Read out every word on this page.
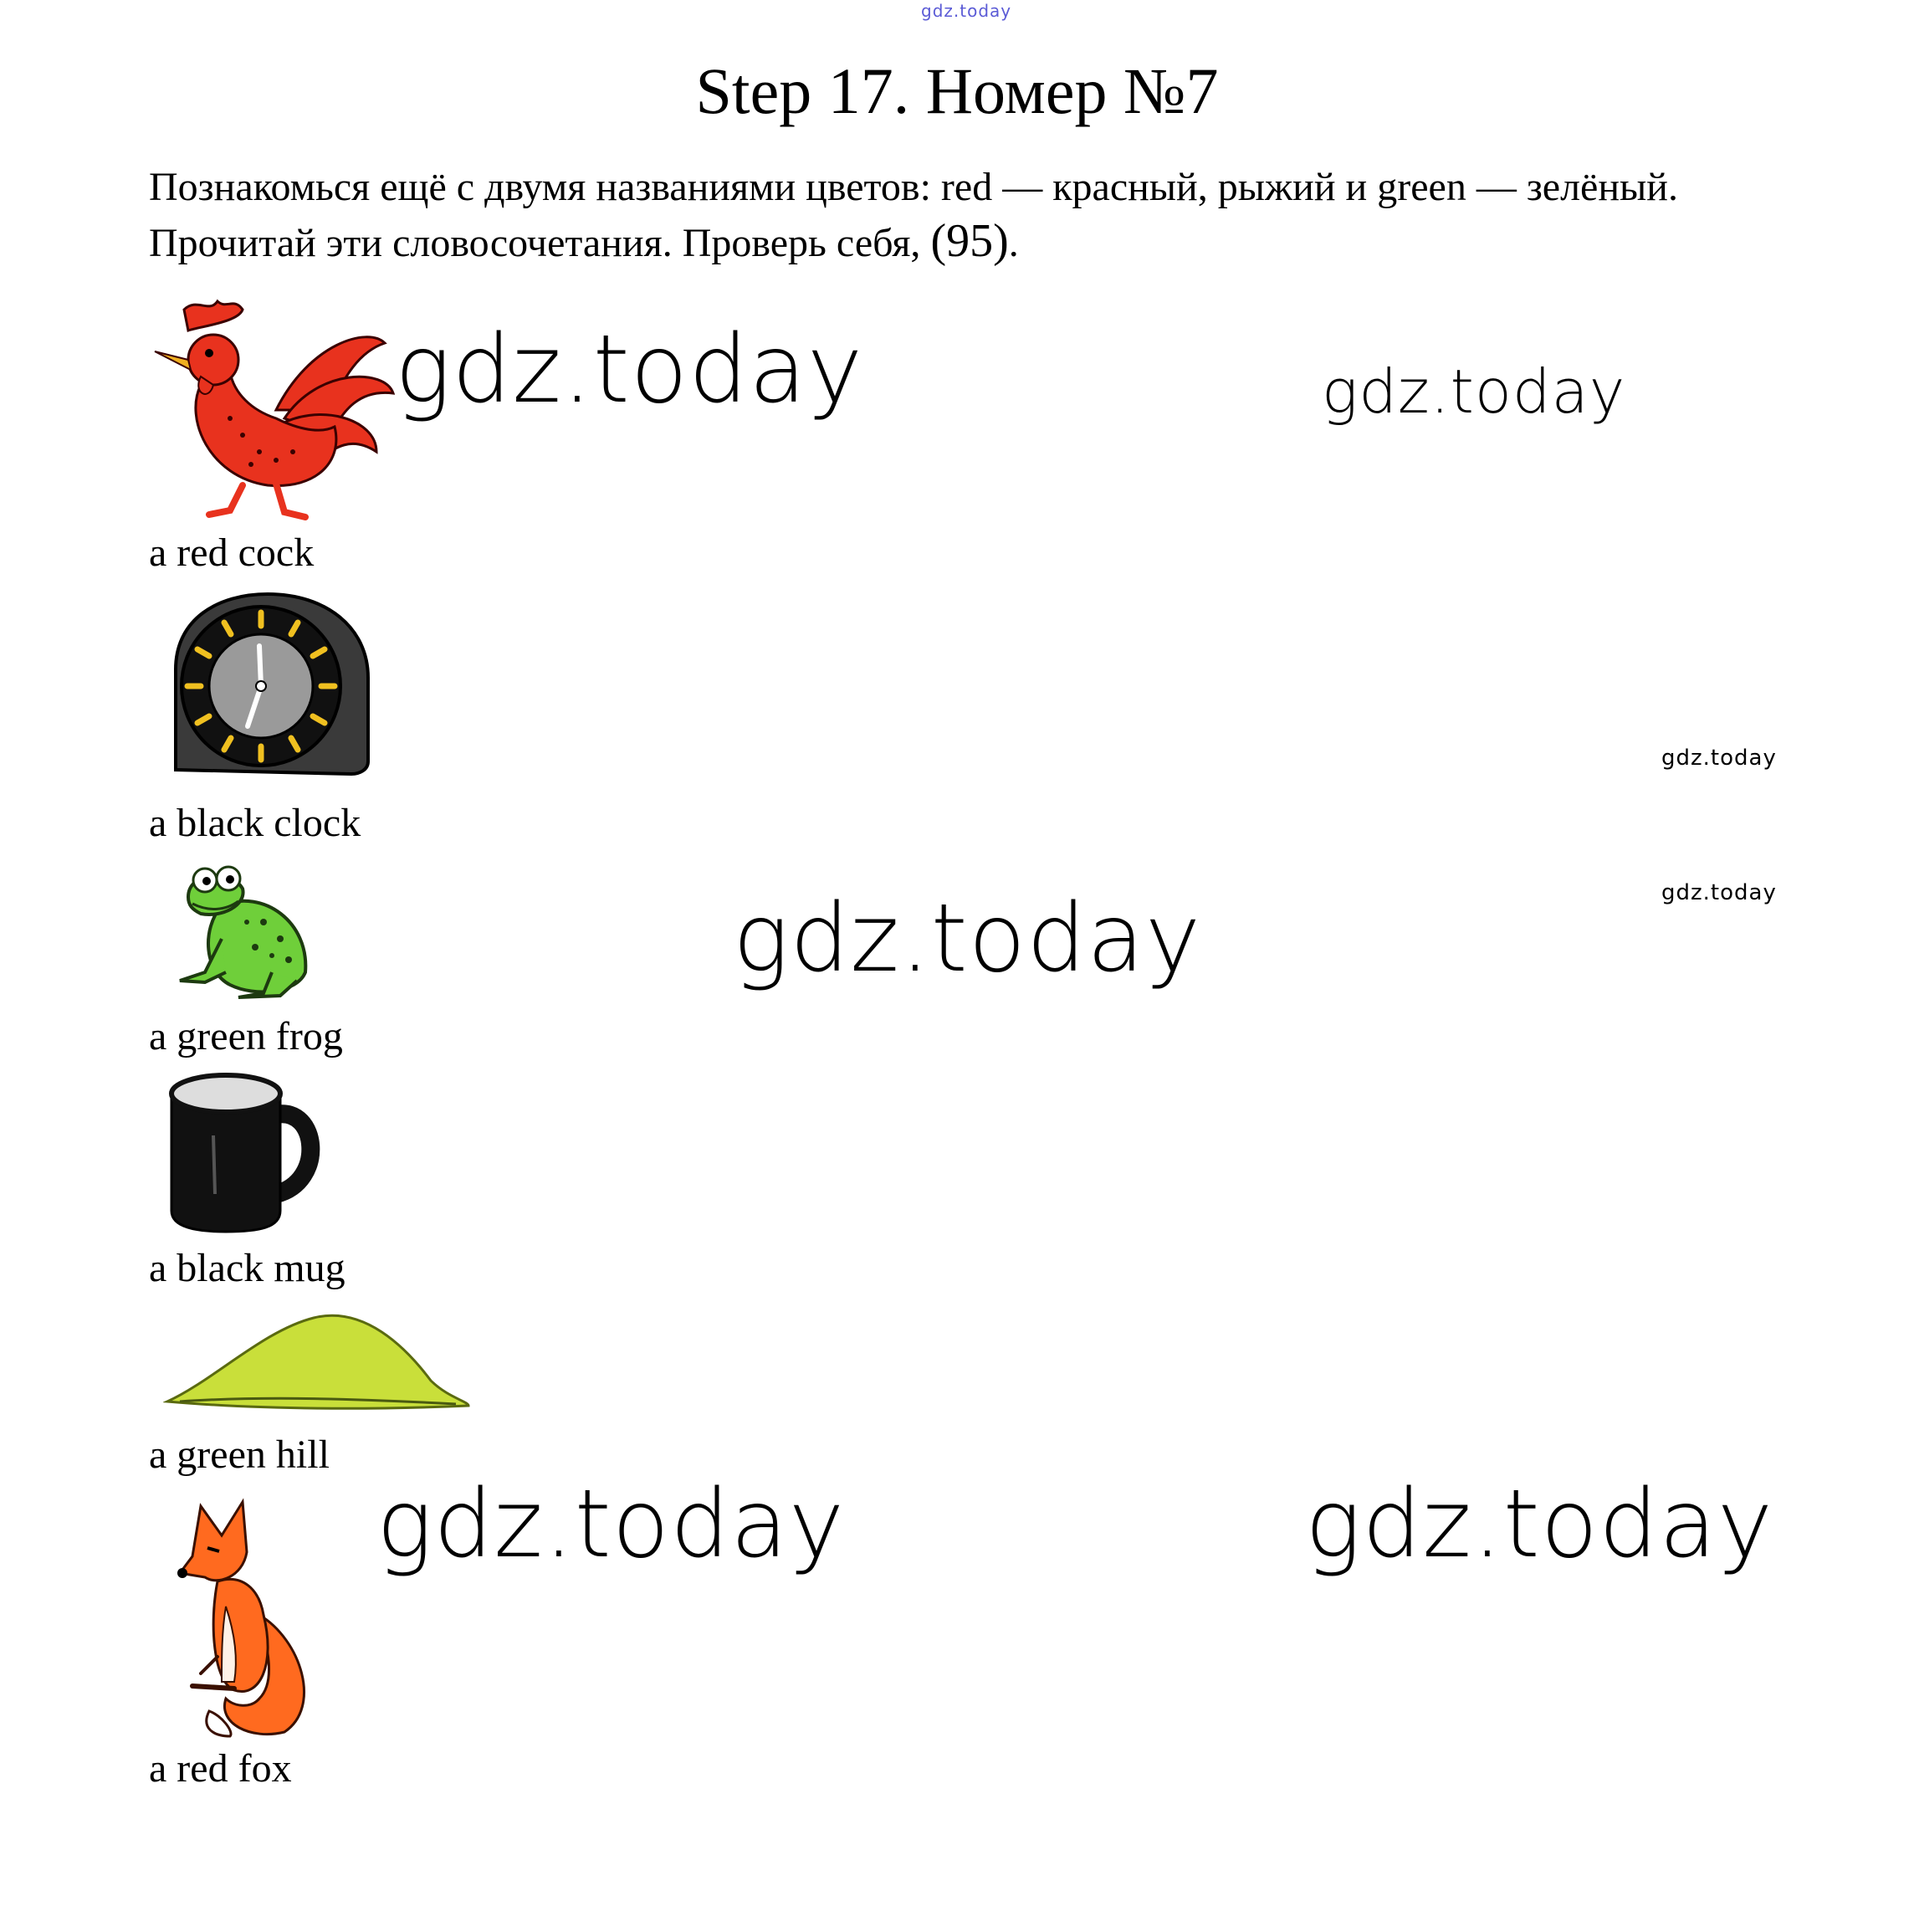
gdz.today
gdz.today	gdz.today
gdz.today
gdz.today
gdz.today
gdz.today	gdz.today
Step 17. Номер №7

Познакомься ещё с двумя названиями цветов: red — красный, рыжий и green — зелёный.

Прочитай эти словосочетания. Проверь себя, (95).

a red cock
a black clock
a green frog
a black mug
a green hill
a red fox
